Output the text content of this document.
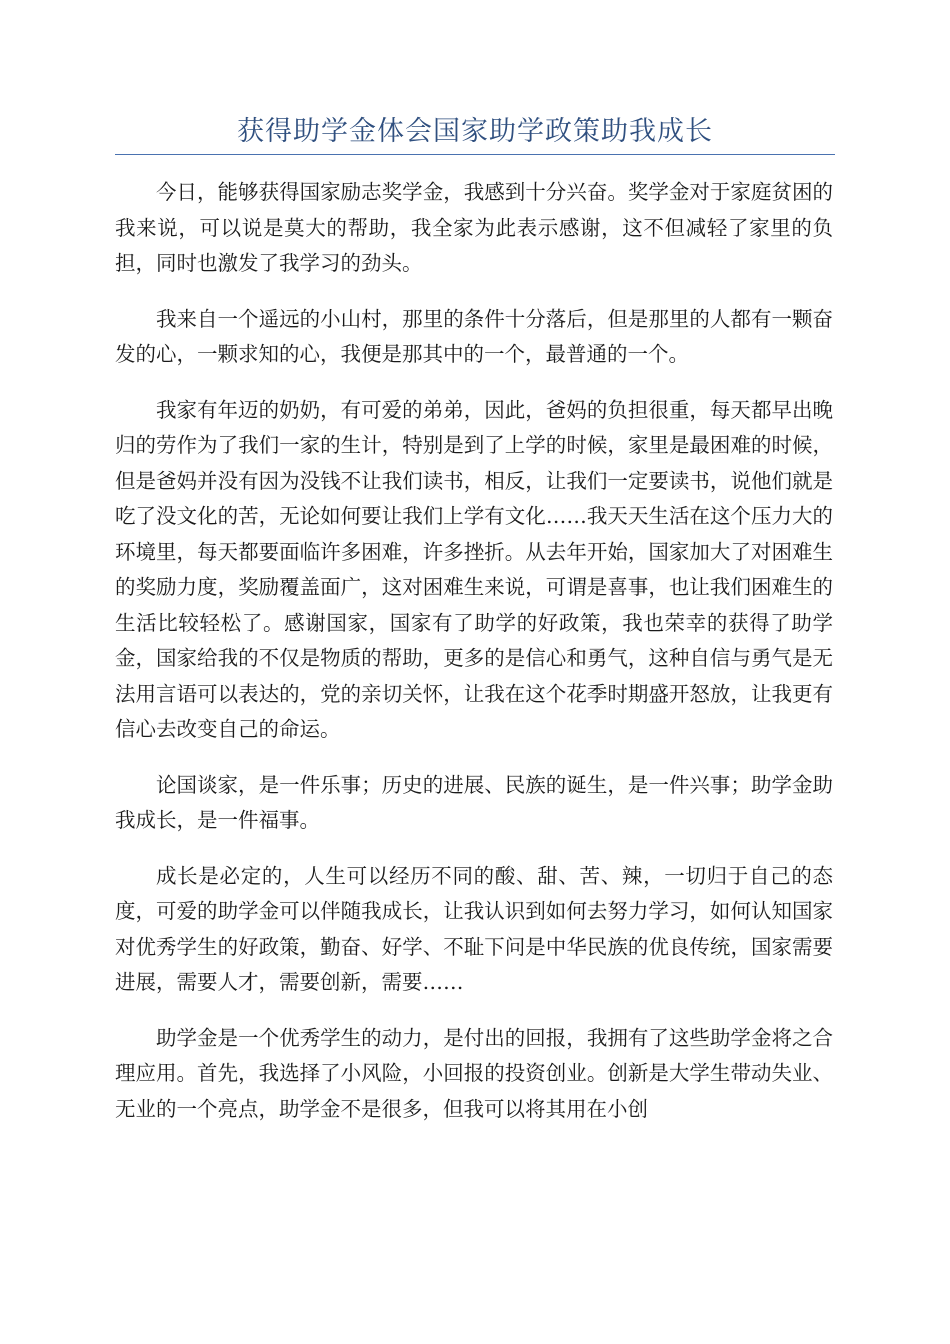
获得助学金体会国家助学政策助我成长

今日，能够获得国家励志奖学金，我感到十分兴奋。奖学金对于家庭贫困的我来说，可以说是莫大的帮助，我全家为此表示感谢，这不但减轻了家里的负担，同时也激发了我学习的劲头。

我来自一个遥远的小山村，那里的条件十分落后，但是那里的人都有一颗奋发的心，一颗求知的心，我便是那其中的一个，最普通的一个。

我家有年迈的奶奶，有可爱的弟弟，因此，爸妈的负担很重，每天都早出晚归的劳作为了我们一家的生计，特别是到了上学的时候，家里是最困难的时候，但是爸妈并没有因为没钱不让我们读书，相反，让我们一定要读书，说他们就是吃了没文化的苦，无论如何要让我们上学有文化……我天天生活在这个压力大的环境里，每天都要面临许多困难，许多挫折。从去年开始，国家加大了对困难生的奖励力度，奖励覆盖面广，这对困难生来说，可谓是喜事，也让我们困难生的生活比较轻松了。感谢国家，国家有了助学的好政策，我也荣幸的获得了助学金，国家给我的不仅是物质的帮助，更多的是信心和勇气，这种自信与勇气是无法用言语可以表达的，党的亲切关怀，让我在这个花季时期盛开怒放，让我更有信心去改变自己的命运。

论国谈家，是一件乐事；历史的进展、民族的诞生，是一件兴事；助学金助我成长，是一件福事。

成长是必定的，人生可以经历不同的酸、甜、苦、辣，一切归于自己的态度，可爱的助学金可以伴随我成长，让我认识到如何去努力学习，如何认知国家对优秀学生的好政策，勤奋、好学、不耻下问是中华民族的优良传统，国家需要进展，需要人才，需要创新，需要……

助学金是一个优秀学生的动力，是付出的回报，我拥有了这些助学金将之合理应用。首先，我选择了小风险，小回报的投资创业。创新是大学生带动失业、无业的一个亮点，助学金不是很多，但我可以将其用在小创
